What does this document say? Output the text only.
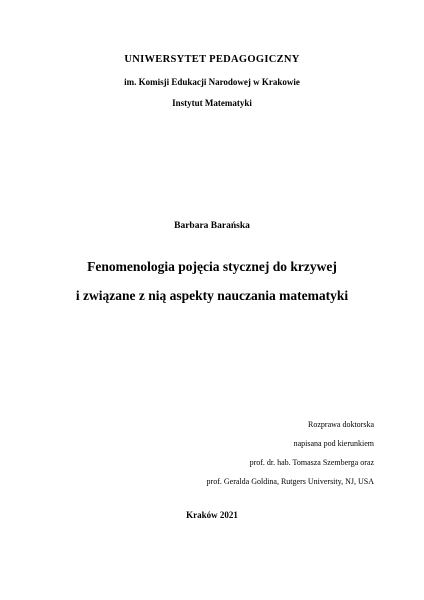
UNIWERSYTET PEDAGOGICZNY
im. Komisji Edukacji Narodowej w Krakowie
Instytut Matematyki
Barbara Barańska
Fenomenologia pojęcia stycznej do krzywej
i związane z nią aspekty nauczania matematyki
Rozprawa doktorska
napisana pod kierunkiem
prof. dr. hab. Tomasza Szemberga oraz
prof. Geralda Goldina, Rutgers University, NJ, USA
Kraków 2021
